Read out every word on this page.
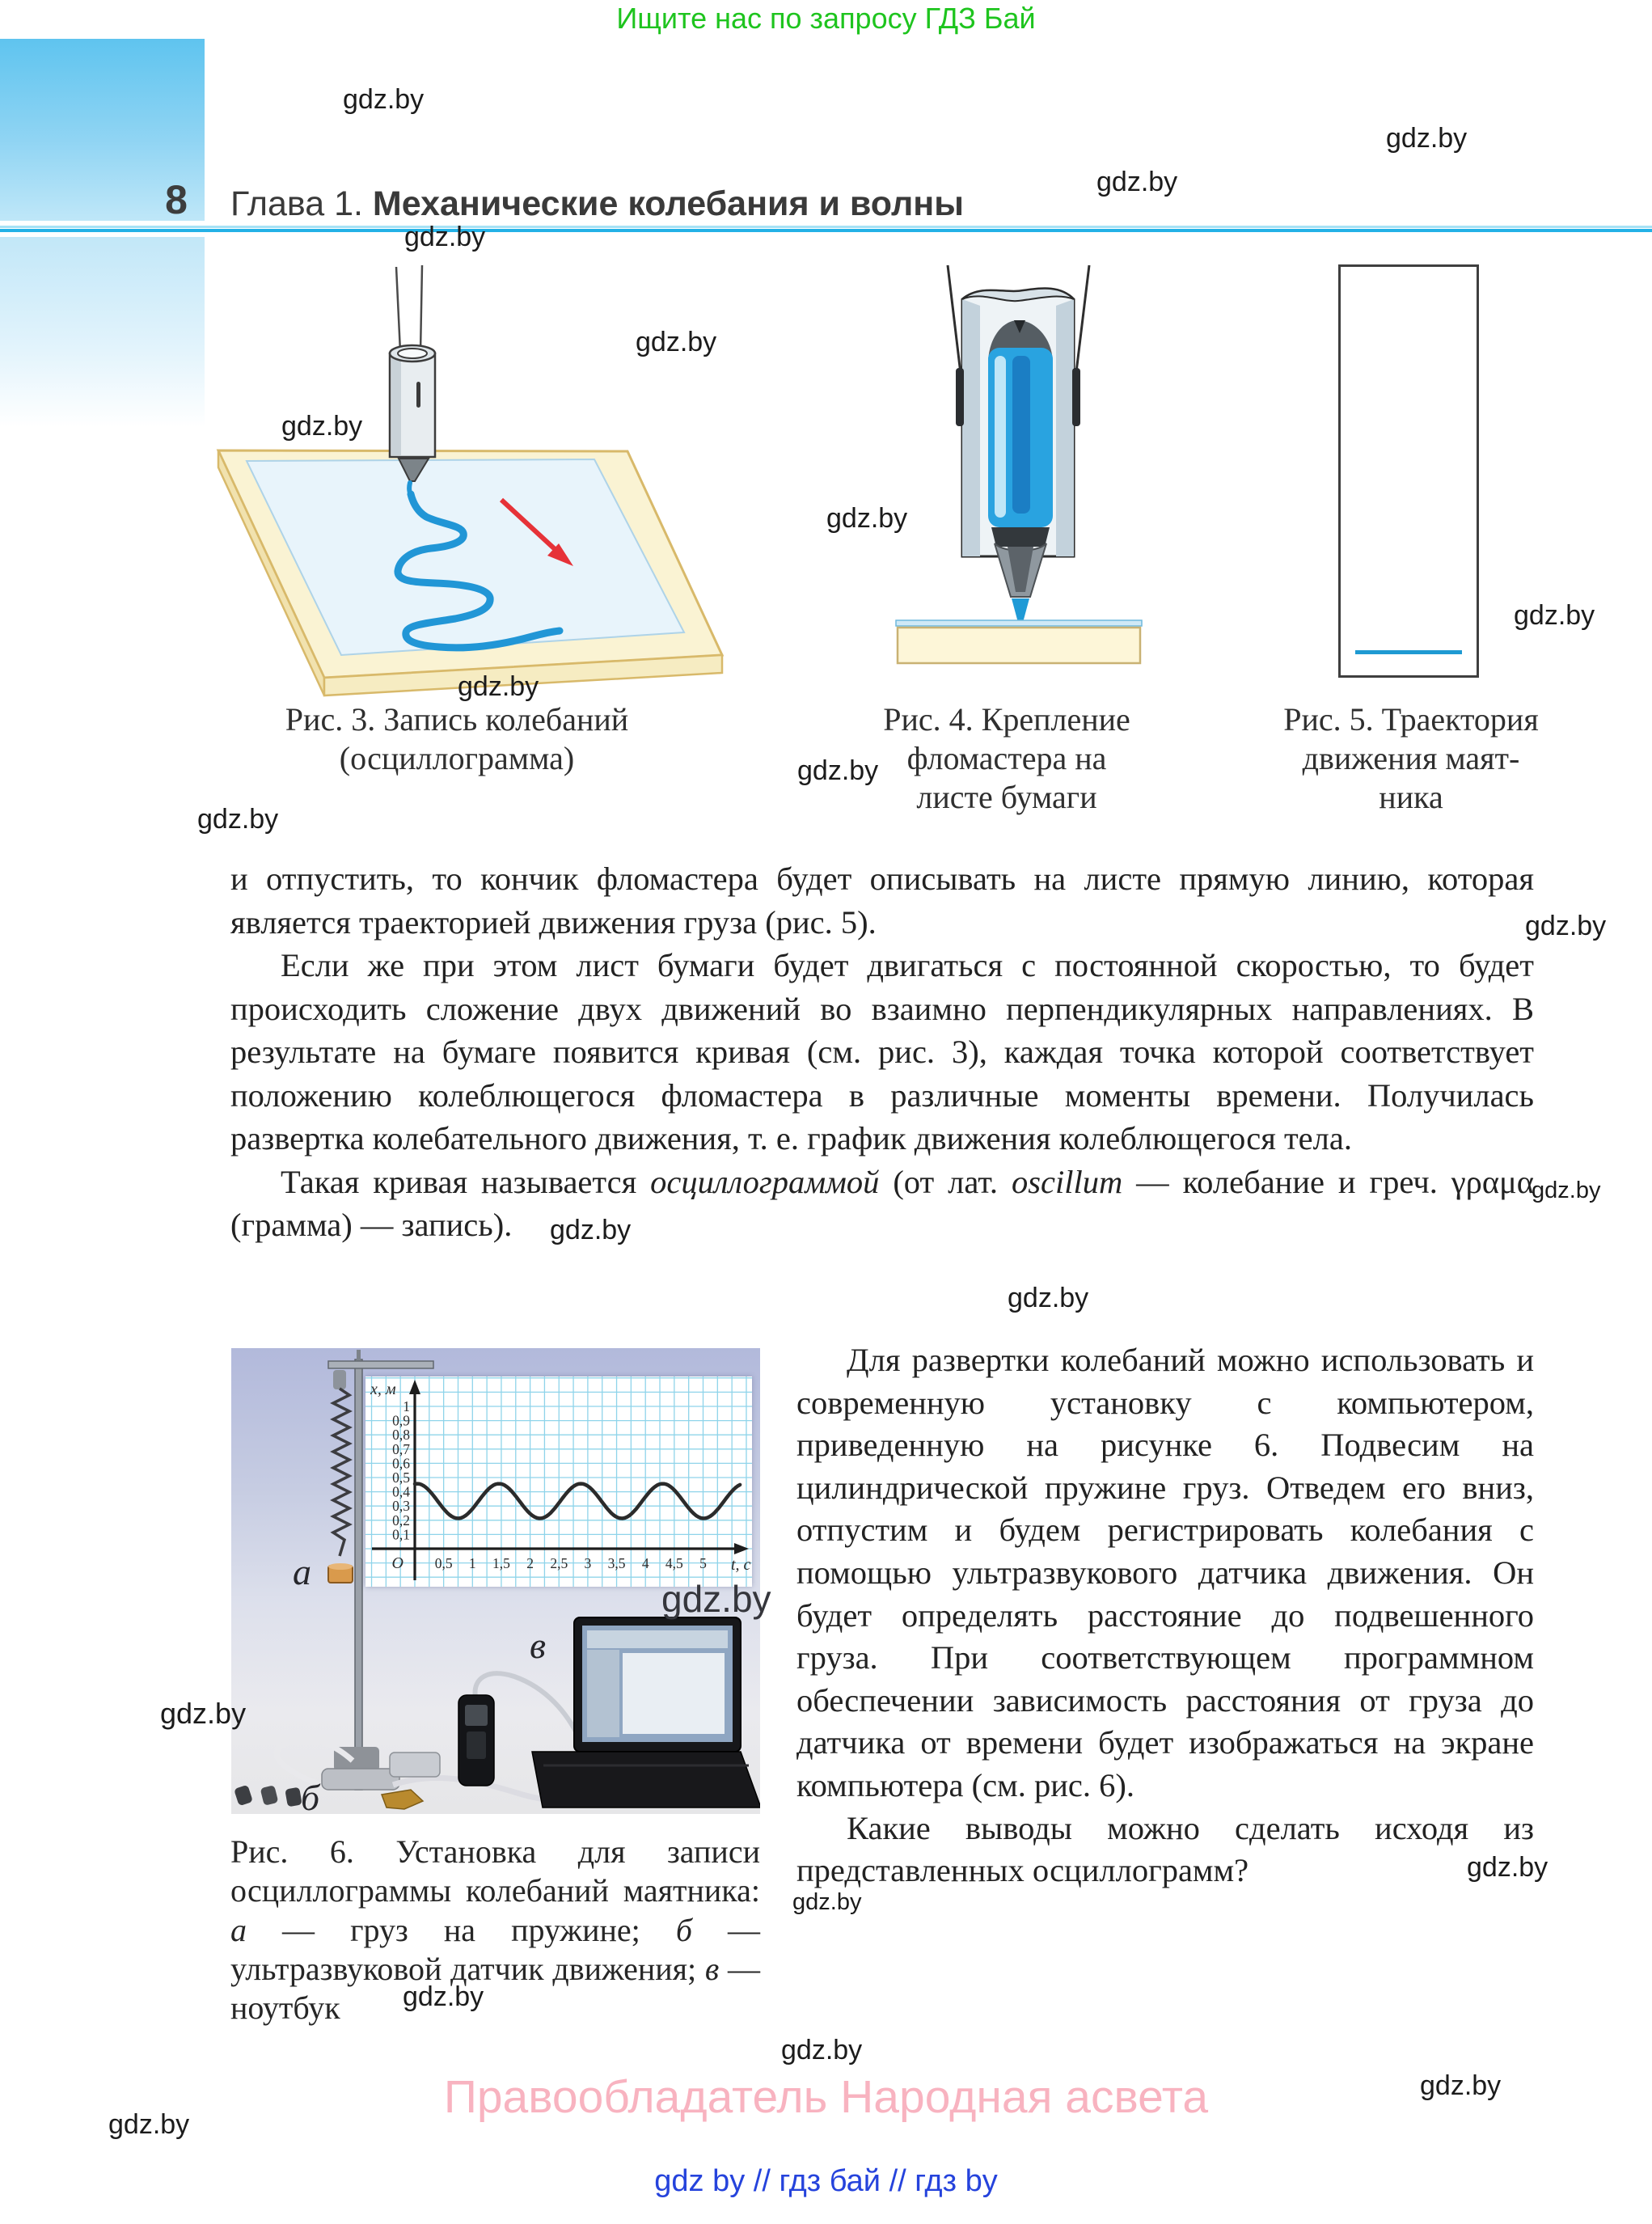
Ищите нас по запросу ГДЗ Бай
8	Глава 1. Механические колебания и волны
Рис. 3. Запись колебаний
(осциллограмма)
Рис. 4. Крепление
фломастера на
листе бумаги
Рис. 5. Траектория
движения маят-
ника

и отпустить, то кончик фломастера будет описывать на листе прямую линию, которая является траекторией движения груза (рис. 5).

Если же при этом лист бумаги будет двигаться с постоянной скоростью, то будет происходить сложение двух движений во взаимно перпендикулярных направлениях. В результате на бумаге появится кривая (см. рис. 3), каждая точка которой соответствует положению колеблющегося фломастера в различные моменты времени. Получилась развертка колебательного движения, т. е. график движения колеблющегося тела.

Такая кривая называется осциллограммой (от лат. oscillum — колебание и греч. γραμα (грамма) — запись).

0,1
0,2
0,3
0,4
0,5
0,6
0,7
0,8
0,9
1
0,5 1 1,5 2 2,5 3 3,5 4 4,5 5
O
х, м
t, с
а
б
в
Рис. 6. Установка для записи осциллограммы колебаний маятника: а — груз на пружине; б — ультразвуковой датчик движения; в — ноутбук

Для развертки колебаний можно использовать и современную установку с компьютером, приведенную на рисунке 6. Подвесим на цилиндрической пружине груз. Отведем его вниз, отпустим и будем регистрировать колебания с помощью ультразвукового датчика движения. Он будет определять расстояние до подвешенного груза. При соответствующем программном обеспечении зависимость расстояния от груза до датчика от времени будет изображаться на экране компьютера (см. рис. 6).

Какие выводы можно сделать исходя из представленных осциллограмм?

Правообладатель Народная асвета
gdz by // гдз бай // гдз by
gdz.by
gdz.by
gdz.by
gdz.by
gdz.by
gdz.by
gdz.by
gdz.by
gdz.by
gdz.by
gdz.by
gdz.by
gdz.by
gdz.by
gdz.by
gdz.by
gdz.by
gdz.by
gdz.by
gdz.by
gdz.by
gdz.by
gdz.by
